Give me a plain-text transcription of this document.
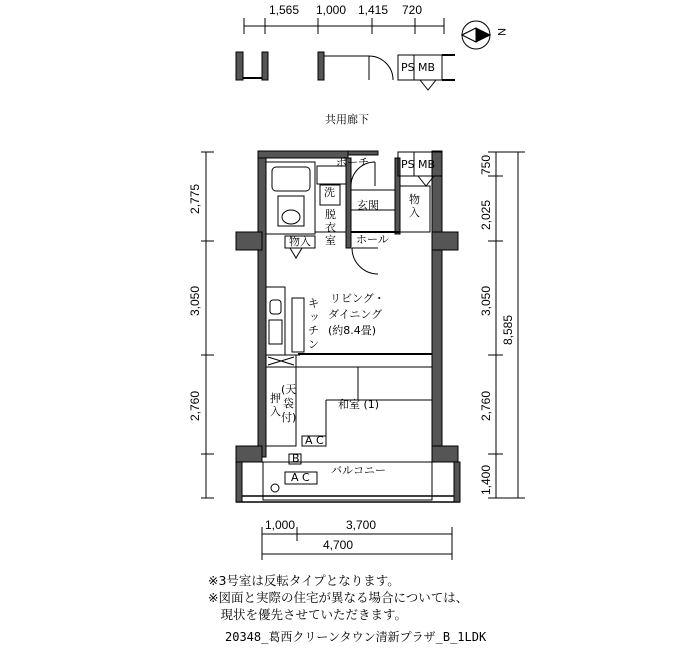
共用廊下
PS MB
ポーチ	PS MB
洗
脱
衣
室
玄関
ホール
物
入
物入
リビング・
ダイニング
(約8.4畳)
キ
ッ
チ
ン
押
入
(天
袋
付)
和室 (1)
A C
B
A C
バルコニー
N
1,565 1,000 1,415 720
2,775
3,050
2,760
750
2,025
3,050
2,760
1,400
8,585
1,000	3,700
4,700
※3号室は反転タイプとなります。
※図面と実際の住宅が異なる場合については、
　現状を優先させていただきます。
20348_葛西クリーンタウン清新プラザ_B_1LDK
